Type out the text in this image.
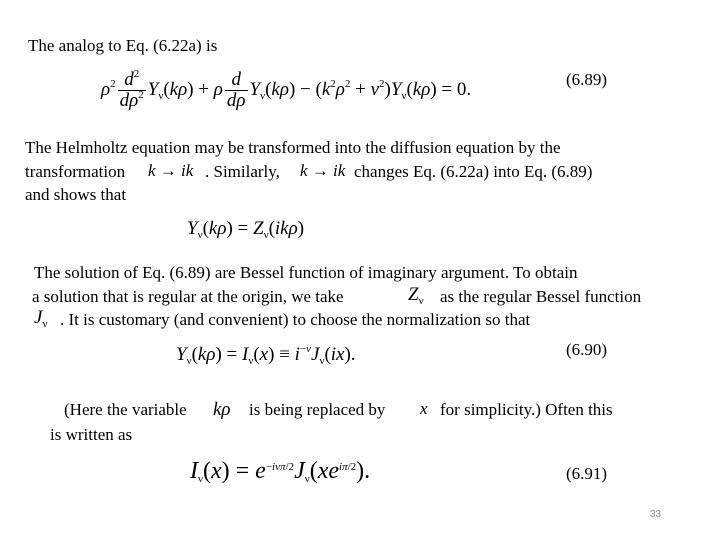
The analog to Eq. (6.22a) is
$\rho^2 \frac{d^2}{d\rho^2} Y_\nu(k\rho) + \rho \frac{d}{d\rho} Y_\nu(k\rho) - (k^2\rho^2 + \nu^2)Y_\nu(k\rho) = 0$.	(6.89)
The Helmholtz equation may be transformed into the diffusion equation by the
transformation k → ik . Similarly, k → ik changes Eq. (6.22a) into Eq. (6.89)
and shows that
$Y_\nu(k\rho) = Z_\nu(ik\rho)$
The solution of Eq. (6.89) are Bessel function of imaginary argument. To obtain
a solution that is regular at the origin, we take	$Z_\nu$ as the regular Bessel function
$J_\nu$ . It is customary (and convenient) to choose the normalization so that
$Y_\nu(k\rho) = I_\nu(x) \equiv i^{-\nu}J_\nu(ix)$.	(6.90)
(Here the variable kρ is being replaced by x for simplicity.) Often this
is written as
$I_\nu(x) = e^{-i\nu\pi/2}J_\nu(xe^{i\pi/2})$.	(6.91)
33
